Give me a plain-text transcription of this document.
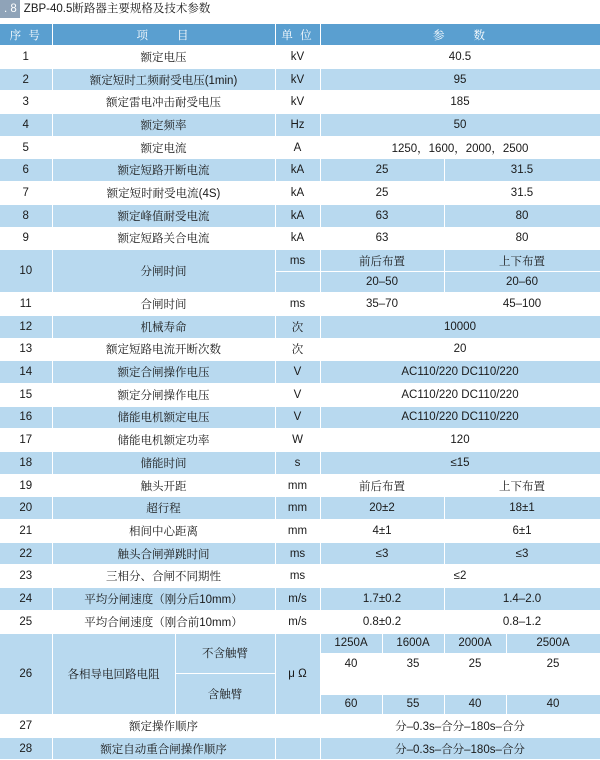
. 8 ZBP-40.5断路器主要规格及技术参数
序 号	项　　目		单 位	参　　数			
1	额定电压		kV	40.5			
2	额定短时工频耐受电压(1min)		kV	95			
3	额定雷电冲击耐受电压		kV	185			
4	额定频率		Hz	50			
5	额定电流		A	1250，1600，2000，2500			
6	额定短路开断电流		kA	25		31.5	
7	额定短时耐受电流(4S)		kA	25		31.5	
8	额定峰值耐受电流		kA	63		80	
9	额定短路关合电流		kA	63		80	
10	分闸时间		ms	前后布置		上下布置	
				20–50		20–60	
11	合闸时间		ms	35–70		45–100	
12	机械寿命		次	10000			
13	额定短路电流开断次数		次	20			
14	额定合闸操作电压		V	AC110/220 DC110/220			
15	额定分闸操作电压		V	AC110/220 DC110/220			
16	储能电机额定电压		V	AC110/220 DC110/220			
17	储能电机额定功率		W	120			
18	储能时间		s	≤15			
19	触头开距		mm	前后布置		上下布置	
20	超行程		mm	20±2		18±1	
21	相间中心距离		mm	4±1		6±1	
22	触头合闸弹跳时间		ms	≤3		≤3	
23	三相分、合闸不同期性		ms	≤2			
24	平均分闸速度（刚分后10mm）		m/s	1.7±0.2		1.4–2.0	
25	平均合闸速度（刚合前10mm）		m/s	0.8±0.2		0.8–1.2	
26	各相导电回路电阻	不含触臂	μ Ω	1250A	1600A	2000A	2500A
				40	35	25	25
		含触臂					
				60	55	40	40
27	额定操作顺序			分–0.3s–合分–180s–合分			
28	额定自动重合闸操作顺序			分–0.3s–合分–180s–合分			
